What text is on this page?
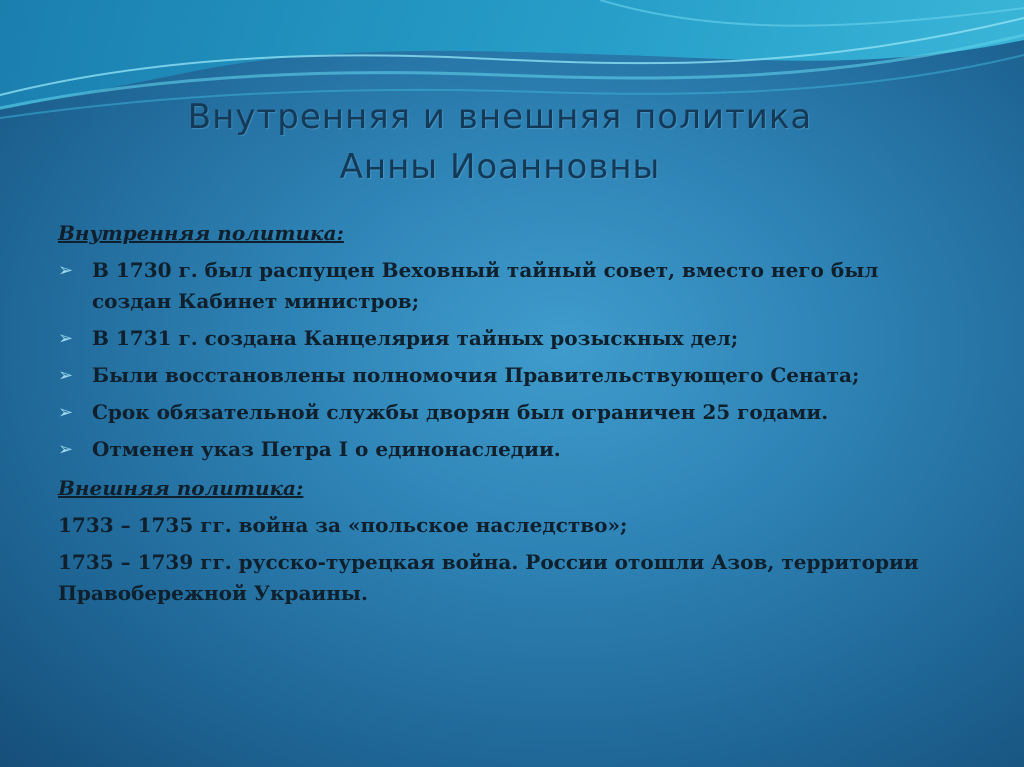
Внутренняя и внешняя политика
Анны Иоанновны
Внутренняя политика:
➢ В 1730 г. был распущен Веховный тайный совет, вместо него был создан Кабинет министров;
➢ В 1731 г. создана Канцелярия тайных розыскных дел;
➢ Были восстановлены полномочия Правительствующего Сената;
➢ Срок обязательной службы дворян был ограничен 25 годами.
➢ Отменен указ Петра I о единонаследии.
Внешняя политика:
1733 – 1735 гг. война за «польское наследство»;
1735 – 1739 гг. русско-турецкая война. России отошли Азов, территории Правобережной Украины.
